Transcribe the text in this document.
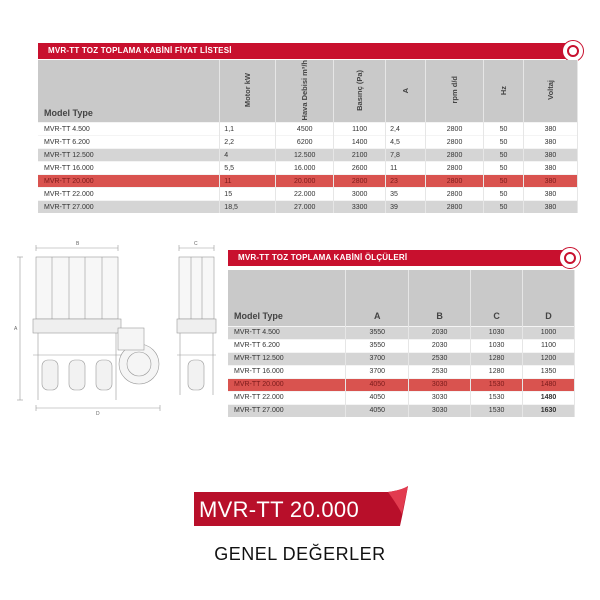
MVR-TT TOZ TOPLAMA KABİNİ FİYAT LİSTESİ
Model Type	Motor kW	Hava Debisi m³/h	Basınç (Pa)	A	rpm d/d	Hz	Voltaj
MVR-TT 4.500	1,1	4500	1100	2,4	2800	50	380
MVR-TT 6.200	2,2	6200	1400	4,5	2800	50	380
MVR-TT 12.500	4	12.500	2100	7,8	2800	50	380
MVR-TT 16.000	5,5	16.000	2600	11	2800	50	380
MVR-TT 20.000	11	20.000	2800	23	2800	50	380
MVR-TT 22.000	15	22.000	3000	35	2800	50	380
MVR-TT 27.000	18,5	27.000	3300	39	2800	50	380
B	C
A
D
MVR-TT TOZ TOPLAMA KABİNİ ÖLÇÜLERİ
Model Type	A	B	C	D
MVR-TT 4.500	3550	2030	1030	1000
MVR-TT 6.200	3550	2030	1030	1100
MVR-TT 12.500	3700	2530	1280	1200
MVR-TT 16.000	3700	2530	1280	1350
MVR-TT 20.000	4050	3030	1530	1480
MVR-TT 22.000	4050	3030	1530	1480
MVR-TT 27.000	4050	3030	1530	1630
MVR-TT 20.000
GENEL DEĞERLER
